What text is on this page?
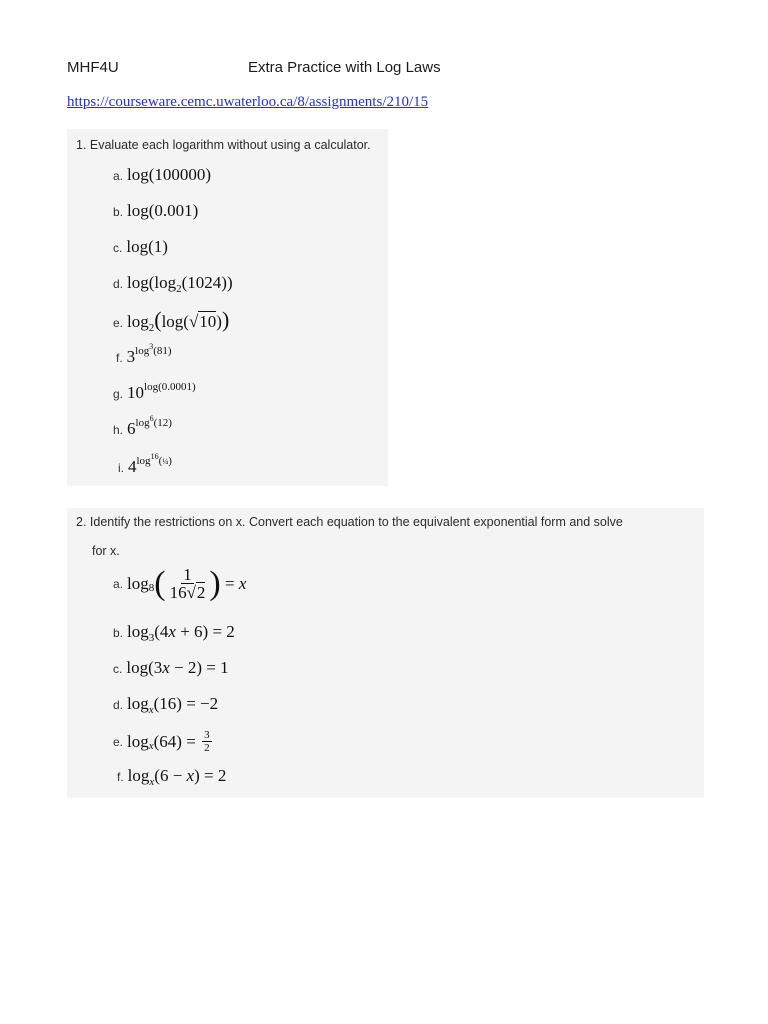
MHF4U	Extra Practice with Log Laws
https://courseware.cemc.uwaterloo.ca/8/assignments/210/15
1. Evaluate each logarithm without using a calculator.
a. log(100000)
b. log(0.001)
c. log(1)
d. $\log(\log_2(1024))$
e. $\log_2(\log(√10))$
f. $3^{log^3(81)}$
g. $10^{log(0.0001)}$
h. $6^{log^6(12)}$
i. $4^{log^{16}(\frac{1}{4})}$
2. Identify the restrictions on x. Convert each equation to the equivalent exponential form and solve
for x.
a. log 8 ( $\frac{1}{16√2}$ ) = x
b. $\log_3(4x + 6) = 2$
c. log(3x − 2) = 1
d. $\log_x(16) = -2$
e. log x $(64) = \frac{3}{2}$
f. $\log_x(6 - x) = 2$
